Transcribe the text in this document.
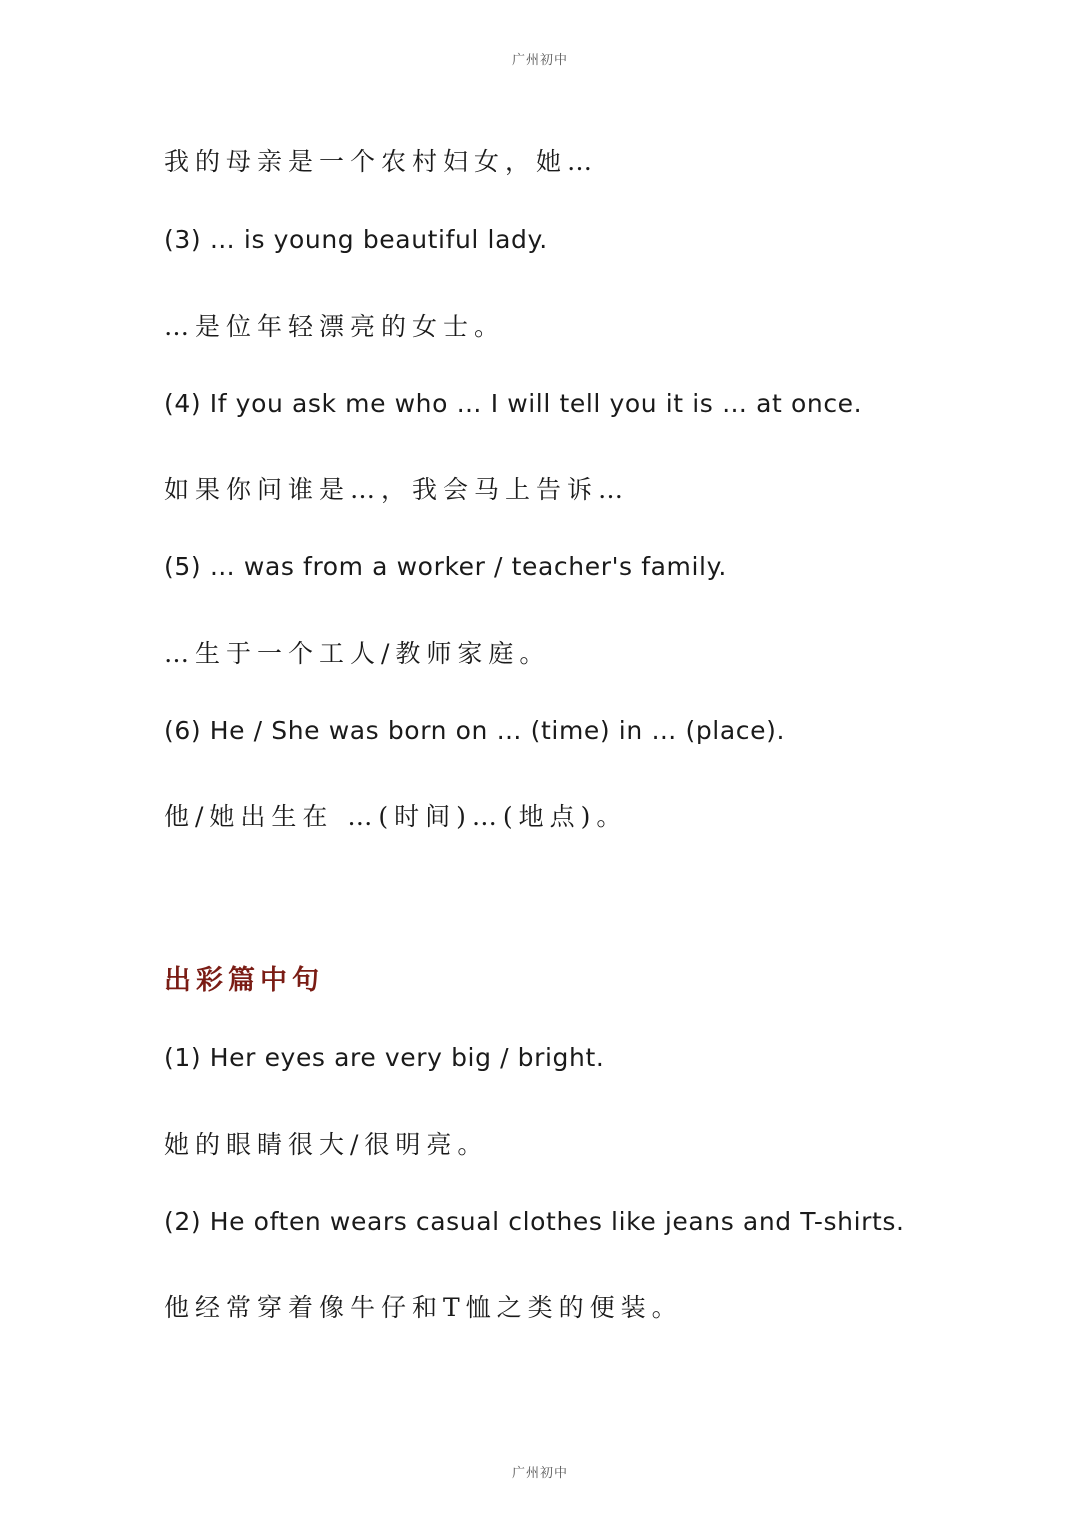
广州初中
我的母亲是一个农村妇女，她…
(3) … is young beautiful lady.
…是位年轻漂亮的女士。
(4) If you ask me who … I will tell you it is … at once.
如果你问谁是…，我会马上告诉…
(5) … was from a worker / teacher's family.
…生于一个工人/教师家庭。
(6) He / She was born on … (time) in … (place).
他/她出生在 …(时间)…(地点)。
出彩篇中句
(1) Her eyes are very big / bright.
她的眼睛很大/很明亮。
(2) He often wears casual clothes like jeans and T-shirts.
他经常穿着像牛仔和T恤之类的便装。
广州初中
